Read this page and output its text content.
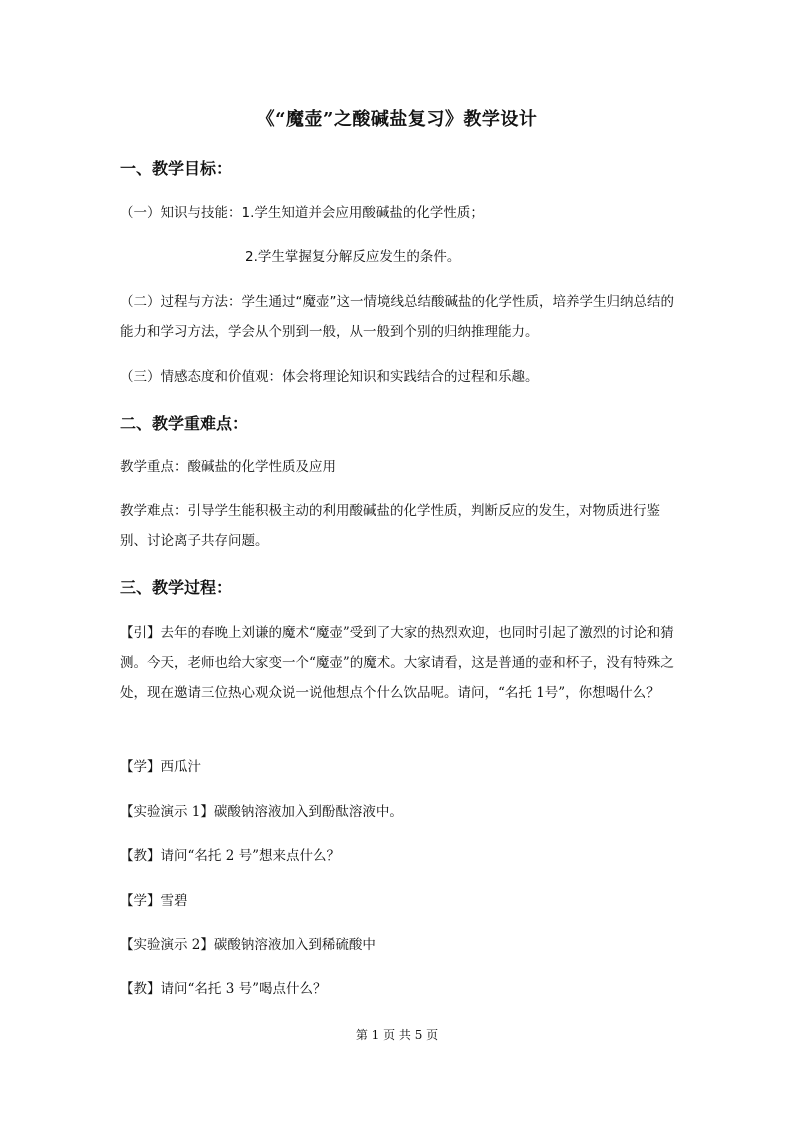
《“魔壶”之酸碱盐复习》教学设计
一、教学目标：
（一）知识与技能：1.学生知道并会应用酸碱盐的化学性质；
2.学生掌握复分解反应发生的条件。
（二）过程与方法：学生通过“魔壶”这一情境线总结酸碱盐的化学性质，培养学生归纳总结的能力和学习方法，学会从个别到一般，从一般到个别的归纳推理能力。
（三）情感态度和价值观：体会将理论知识和实践结合的过程和乐趣。
二、教学重难点：
教学重点：酸碱盐的化学性质及应用
教学难点：引导学生能积极主动的利用酸碱盐的化学性质，判断反应的发生，对物质进行鉴别、讨论离子共存问题。
三、教学过程：
【引】去年的春晚上刘谦的魔术“魔壶”受到了大家的热烈欢迎，也同时引起了激烈的讨论和猜测。今天，老师也给大家变一个“魔壶”的魔术。大家请看，这是普通的壶和杯子，没有特殊之处，现在邀请三位热心观众说一说他想点个什么饮品呢。请问，“名托 1号”，你想喝什么？
【学】西瓜汁
【实验演示 1】碳酸钠溶液加入到酚酞溶液中。
【教】请问“名托 2 号”想来点什么？
【学】雪碧
【实验演示 2】碳酸钠溶液加入到稀硫酸中
【教】请问“名托 3 号”喝点什么？
第 1 页 共 5 页
